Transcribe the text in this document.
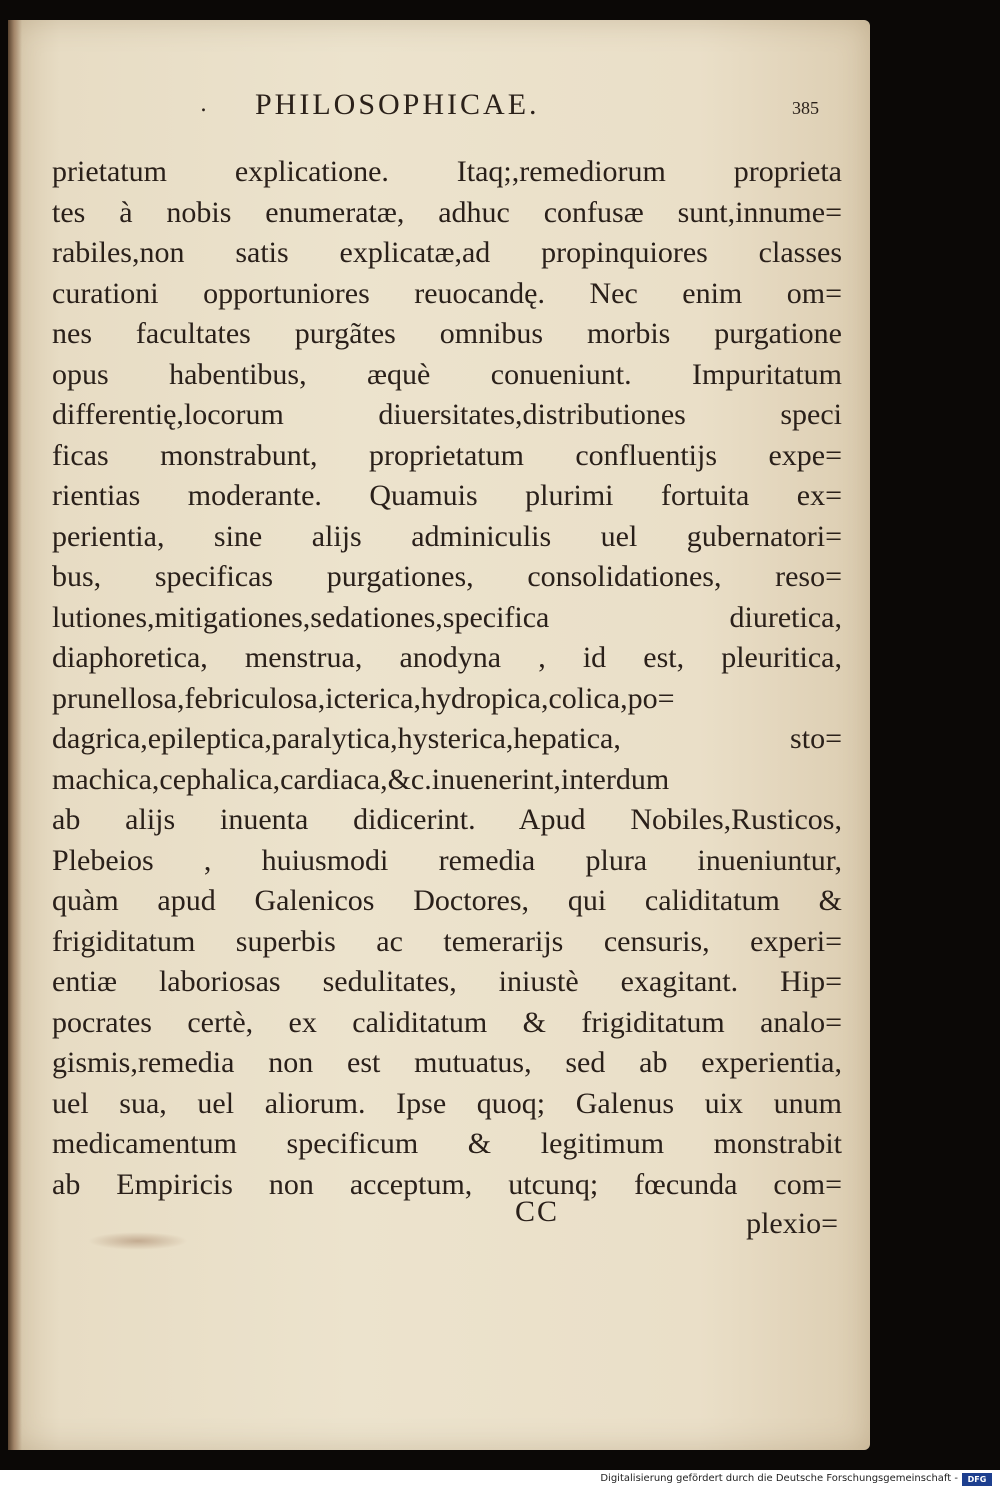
. PHILOSOPHICAE.	385
prietatum explicatione. Itaq;,remediorum proprieta
tes à nobis enumeratæ, adhuc confusæ sunt,innume=
rabiles,non satis explicatæ,ad propinquiores classes
curationi opportuniores reuocandę. Nec enim om=
nes facultates purgãtes omnibus morbis purgatione
opus habentibus, æquè conueniunt. Impuritatum
differentię,locorum diuersitates,distributiones speci
ficas monstrabunt, proprietatum confluentijs expe=
rientias moderante. Quamuis plurimi fortuita ex=
perientia, sine alijs adminiculis uel gubernatori=
bus, specificas purgationes, consolidationes, reso=
lutiones,mitigationes,sedationes,specifica diuretica,
diaphoretica, menstrua, anodyna , id est, pleuritica,
prunellosa,febriculosa,icterica,hydropica,colica,po=
dagrica,epileptica,paralytica,hysterica,hepatica, sto=
machica,cephalica,cardiaca,&c.inuenerint,interdum
ab alijs inuenta didicerint. Apud Nobiles,Rusticos,
Plebeios , huiusmodi remedia plura inueniuntur,
quàm apud Galenicos Doctores, qui caliditatum &
frigiditatum superbis ac temerarijs censuris, experi=
entiæ laboriosas sedulitates, iniustè exagitant. Hip=
pocrates certè, ex caliditatum & frigiditatum analo=
gismis,remedia non est mutuatus, sed ab experientia,
uel sua, uel aliorum. Ipse quoq; Galenus uix unum
medicamentum specificum & legitimum monstrabit
ab Empiricis non acceptum, utcunq; fœcunda com=
CC	plexio=
Digitalisierung gefördert durch die Deutsche Forschungsgemeinschaft -	DFG
